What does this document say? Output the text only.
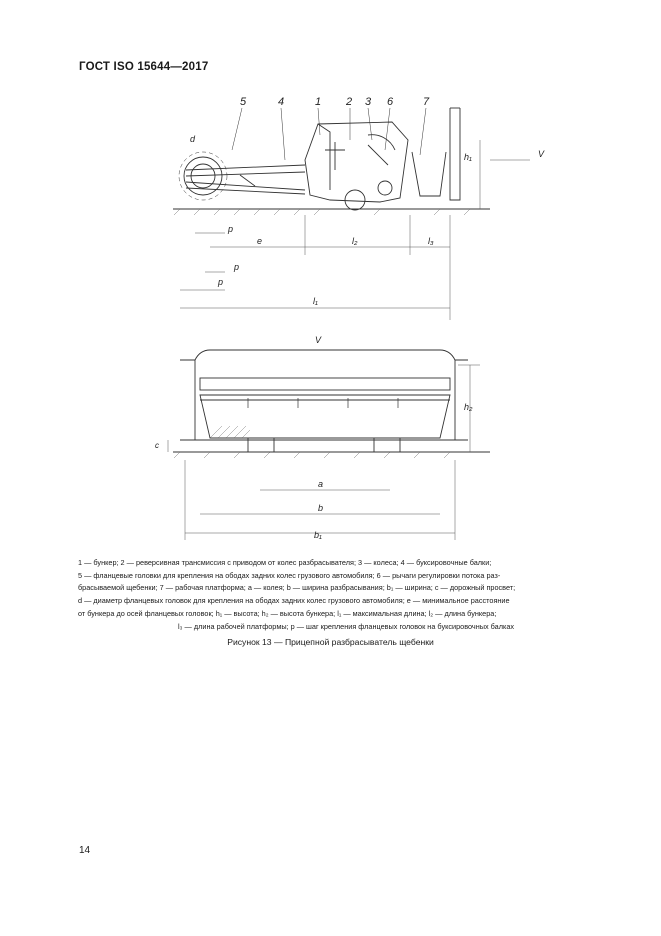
ГОСТ ISO 15644—2017
5	4	1 2 3 6	7
d
h₁	V
p
e	l₂	l₃
p
p
l₁
V
h₂
c
a
b
b₁

1 — бункер; 2 — реверсивная трансмиссия с приводом от колес разбрасывателя; 3 — колеса; 4 — буксировочные балки;

5 — фланцевые головки для крепления на ободах задних колес грузового автомобиля; 6 — рычаги регулировки потока раз-

брасываемой щебенки; 7 — рабочая платформа; a — колея; b — ширина разбрасывания; b₁ — ширина; c — дорожный просвет;

d — диаметр фланцевых головок для крепления на ободах задних колес грузового автомобиля; e — минимальное расстояние

от бункера до осей фланцевых головок; h₁ — высота; h₂ — высота бункера; l₁ — максимальная длина; l₂ — длина бункера;

l₃ — длина рабочей платформы; p — шаг крепления фланцевых головок на буксировочных балках

Рисунок 13 — Прицепной разбрасыватель щебенки
14
